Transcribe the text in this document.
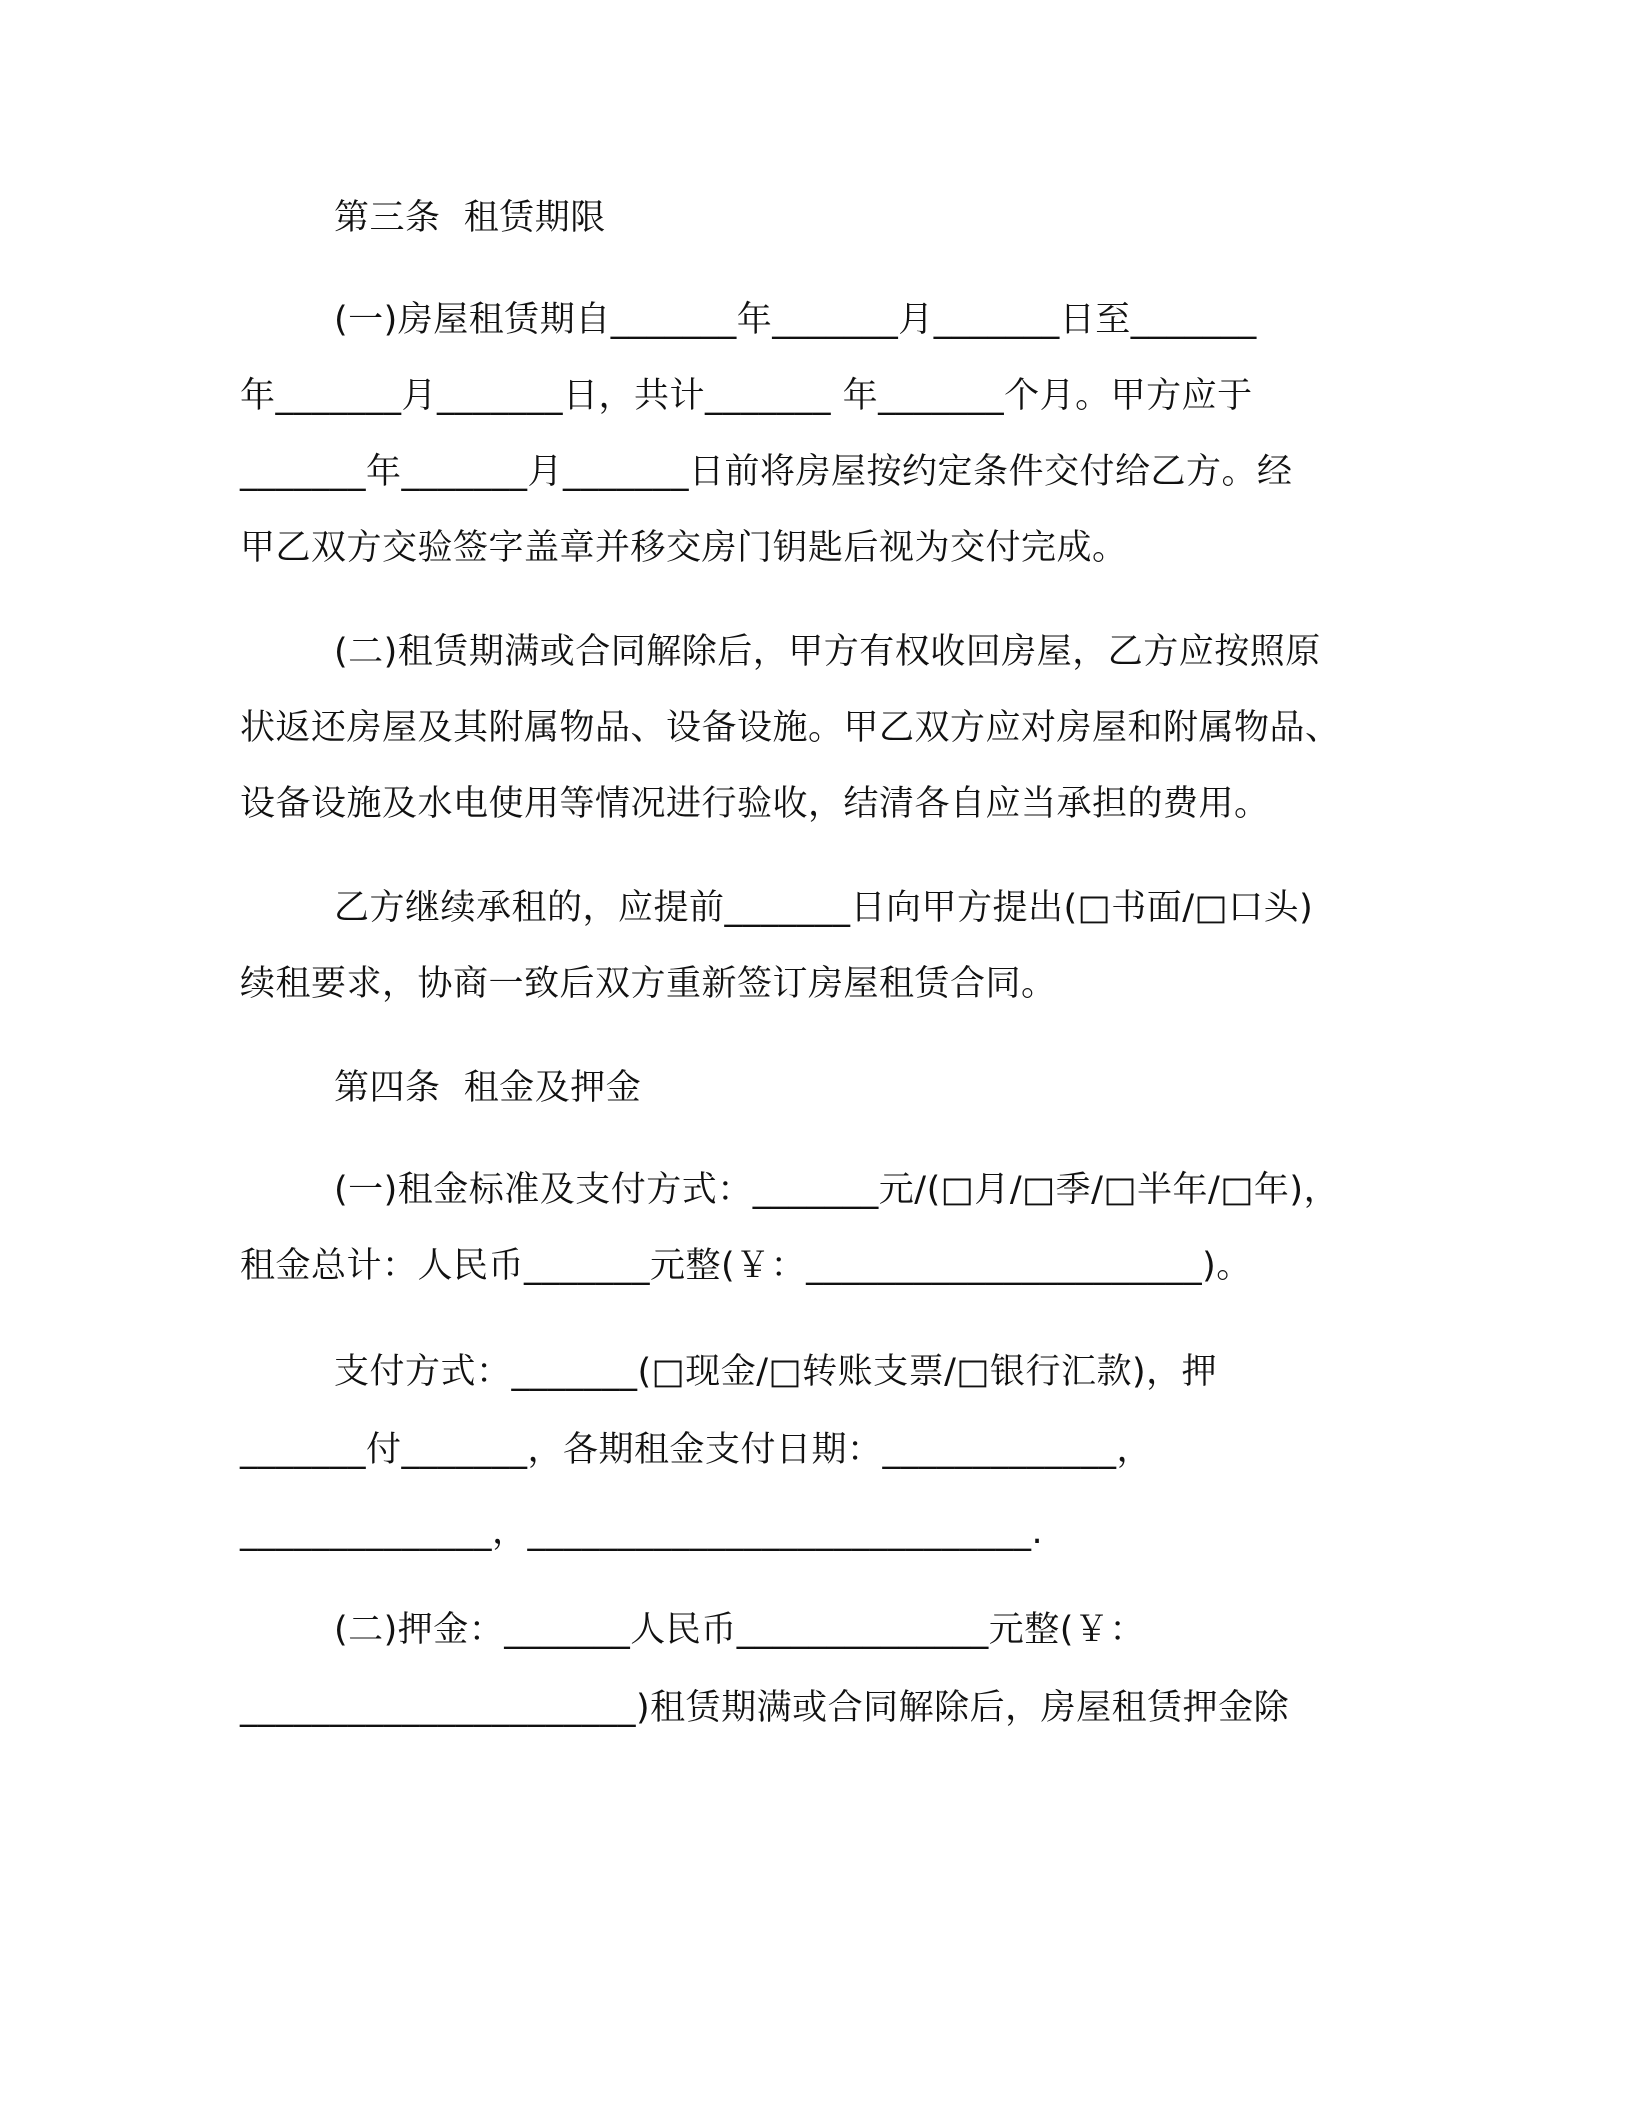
第三条  租赁期限
(一)房屋租赁期自_______年_______月_______日至_______
年_______月_______日，共计_______ 年_______个月。甲方应于
_______年_______月_______日前将房屋按约定条件交付给乙方。经
甲乙双方交验签字盖章并移交房门钥匙后视为交付完成。
(二)租赁期满或合同解除后，甲方有权收回房屋，乙方应按照原
状返还房屋及其附属物品、设备设施。甲乙双方应对房屋和附属物品、
设备设施及水电使用等情况进行验收，结清各自应当承担的费用。
乙方继续承租的，应提前_______日向甲方提出(□书面/□口头)
续租要求，协商一致后双方重新签订房屋租赁合同。
第四条  租金及押金
(一)租金标准及支付方式：_______元/(□月/□季/□半年/□年)，
租金总计：人民币_______元整(￥：______________________)。
支付方式：_______(□现金/□转账支票/□银行汇款)，押
_______付_______，各期租金支付日期：_____________，
______________，____________________________.
(二)押金：_______人民币______________元整(￥：
______________________)租赁期满或合同解除后，房屋租赁押金除
